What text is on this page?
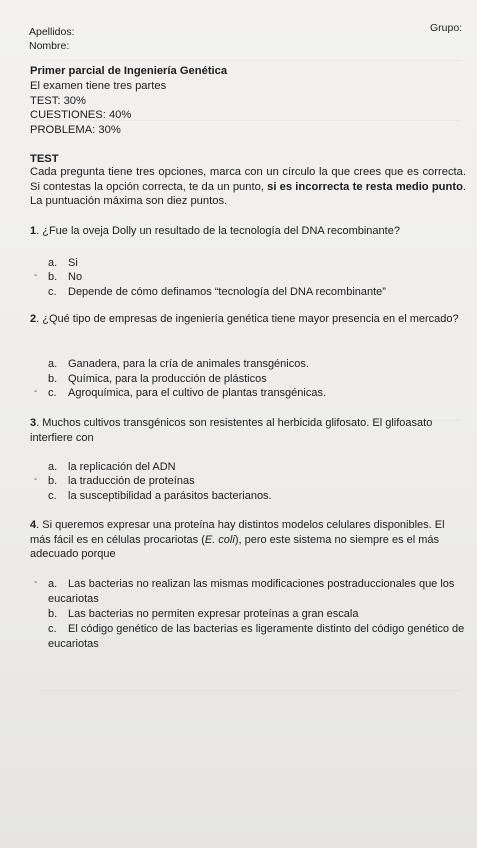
Apellidos:
Nombre:
Grupo:
Primer parcial de Ingeniería Genética
El examen tiene tres partes
TEST: 30%
CUESTIONES: 40%
PROBLEMA: 30%
TEST
Cada pregunta tiene tres opciones, marca con un círculo la que crees que es correcta. Si contestas la opción correcta, te da un punto, si es incorrecta te resta medio punto. La puntuación máxima son diez puntos.
1. ¿Fue la oveja Dolly un resultado de la tecnología del DNA recombinante?
a. Si
- b. No
c. Depende de cómo definamos “tecnología del DNA recombinante”
2. ¿Qué tipo de empresas de ingeniería genética tiene mayor presencia en el mercado?
a. Ganadera, para la cría de animales transgénicos.
b. Química, para la producción de plásticos
- c. Agroquímica, para el cultivo de plantas transgénicas.
3. Muchos cultivos transgénicos son resistentes al herbicida glifosato. El glifoasato interfiere con
a. la replicación del ADN
- b. la traducción de proteínas
c. la susceptibilidad a parásitos bacterianos.
4. Si queremos expresar una proteína hay distintos modelos celulares disponibles. El más fácil es en células procariotas (E. coli), pero este sistema no siempre es el más adecuado porque
- a. Las bacterias no realizan las mismas modificaciones postraduccionales que los eucariotas
b. Las bacterias no permiten expresar proteínas a gran escala
c. El código genético de las bacterias es ligeramente distinto del código genético de eucariotas
